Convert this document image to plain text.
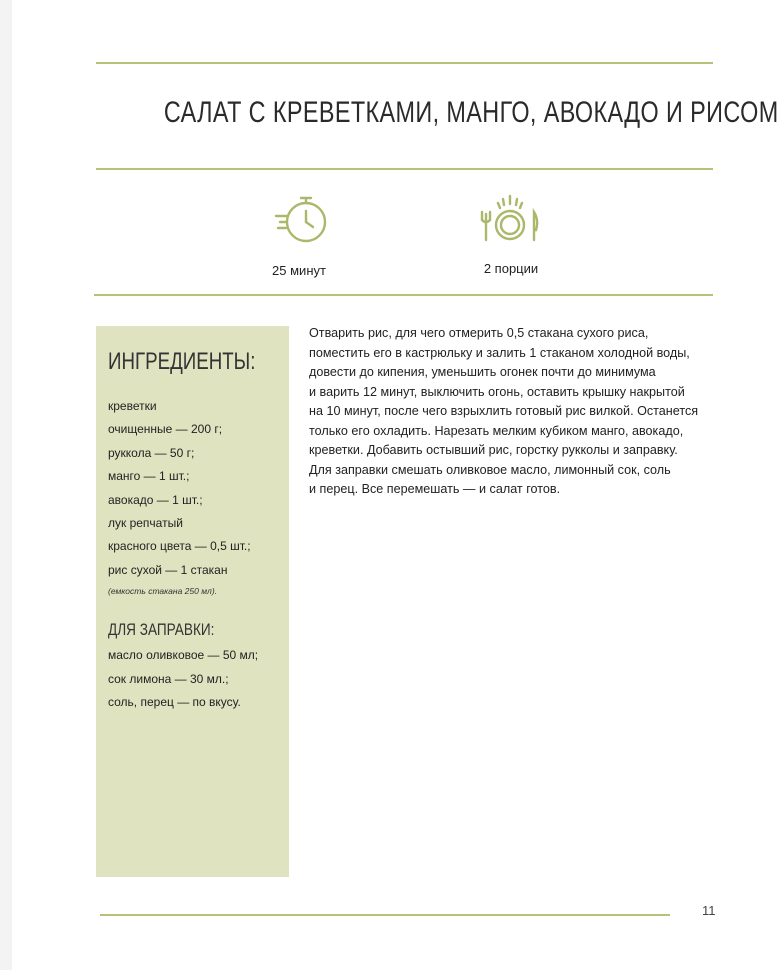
САЛАТ С КРЕВЕТКАМИ, МАНГО, АВОКАДО И РИСОМ
25 минут	2 порции
ИНГРЕДИЕНТЫ:
креветки
очищенные — 200 г;
руккола — 50 г;
манго — 1 шт.;
авокадо — 1 шт.;
лук репчатый
красного цвета — 0,5 шт.;
рис сухой — 1 стакан
(емкость стакана 250 мл).
ДЛЯ ЗАПРАВКИ:
масло оливковое — 50 мл;
сок лимона — 30 мл.;
соль, перец — по вкусу.

Отварить рис, для чего отмерить 0,5 стакана сухого риса,
поместить его в кастрюльку и залить 1 стаканом холодной воды,
довести до кипения, уменьшить огонек почти до минимума
и варить 12 минут, выключить огонь, оставить крышку накрытой
на 10 минут, после чего взрыхлить готовый рис вилкой. Останется
только его охладить. Нарезать мелким кубиком манго, авокадо,
креветки. Добавить остывший рис, горстку рукколы и заправку.
Для заправки смешать оливковое масло, лимонный сок, соль
и перец. Все перемешать — и салат готов.

11
